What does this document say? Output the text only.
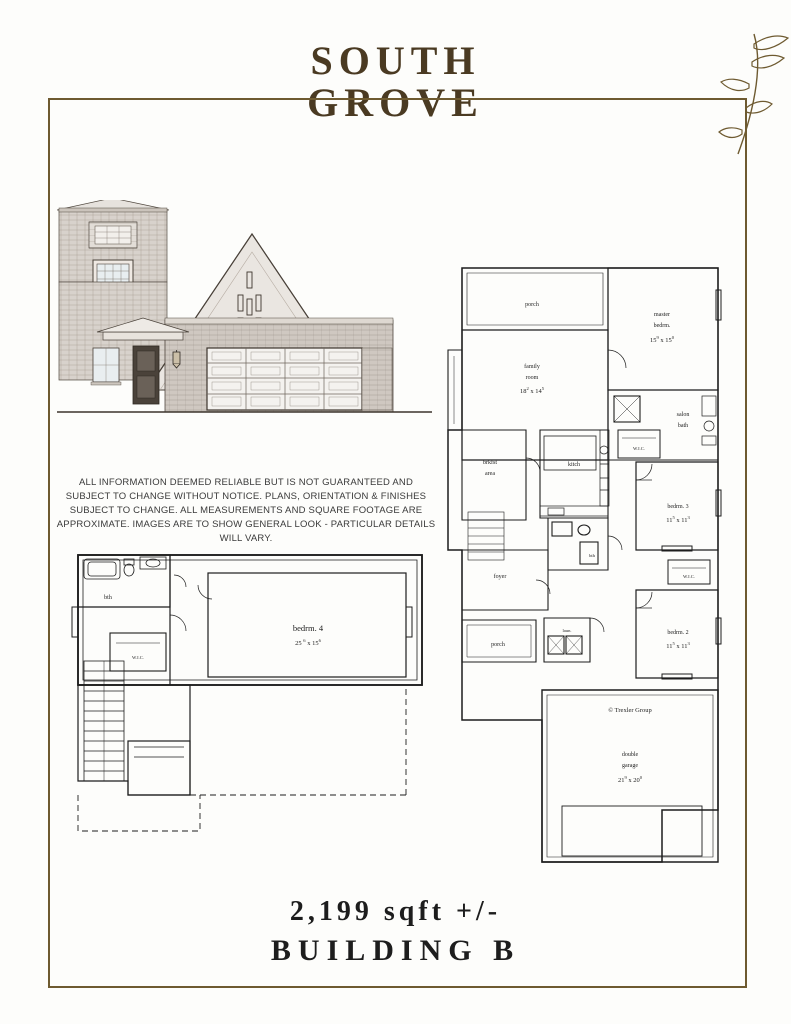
SOUTH
GROVE
ALL INFORMATION DEEMED RELIABLE BUT IS NOT GUARANTEED AND SUBJECT TO CHANGE WITHOUT NOTICE. PLANS, ORIENTATION & FINISHES SUBJECT TO CHANGE. ALL MEASUREMENTS AND SQUARE FOOTAGE ARE APPROXIMATE. IMAGES ARE TO SHOW GENERAL LOOK - PARTICULAR DETAILS WILL VARY.
bth
bedrm. 4
25 $^6$ x $15^6$
W.I.C.
porch
master
bedrm.
$15^9$ x $15^0$
family
room
$18^2$ x $14^5$
brkfst
area
kitch
salon
bath
W.I.C.
bedrm. 3
$11^5$ x $11^3$
bth
foyer
porch
laun.	bedrm. 2
$11^5$ x $11^3$
W.I.C.
© Trexler Group
double
garage
$21^9$ x $20^0$
2,199 sqft +/-
BUILDING B
